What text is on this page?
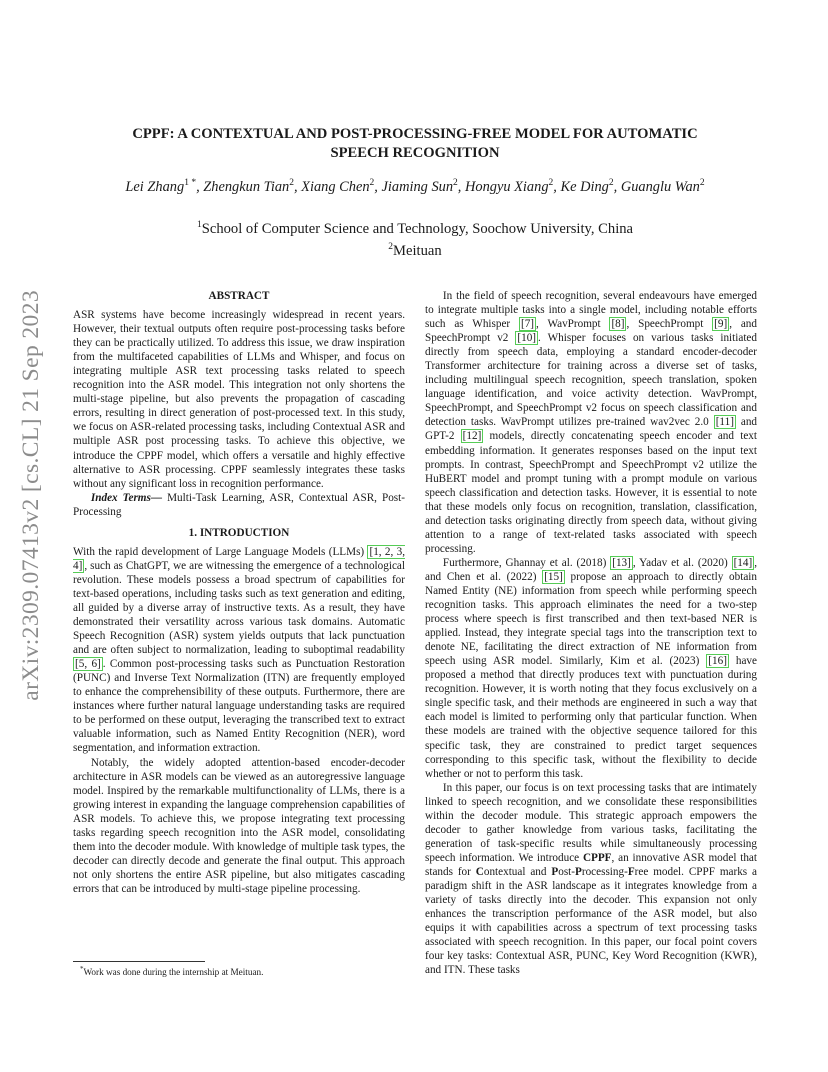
arXiv:2309.07413v2 [cs.CL] 21 Sep 2023
CPPF: A CONTEXTUAL AND POST-PROCESSING-FREE MODEL FOR AUTOMATIC
SPEECH RECOGNITION
Lei Zhang$^{1 *}$, Zhengkun Tian$^2$, Xiang Chen$^2$, Jiaming Sun$^2$, Hongyu Xiang$^2$, Ke Ding$^2$, Guanglu Wan$^2$
$^1$School of Computer Science and Technology, Soochow University, China
$^2$Meituan
ABSTRACT

ASR systems have become increasingly widespread in recent years. However, their textual outputs often require post-processing tasks before they can be practically utilized. To address this issue, we draw inspiration from the multifaceted capabilities of LLMs and Whisper, and focus on integrating multiple ASR text processing tasks related to speech recognition into the ASR model. This integration not only shortens the multi-stage pipeline, but also prevents the propagation of cascading errors, resulting in direct generation of post-processed text. In this study, we focus on ASR-related processing tasks, including Contextual ASR and multiple ASR post processing tasks. To achieve this objective, we introduce the CPPF model, which offers a versatile and highly effective alternative to ASR processing. CPPF seamlessly integrates these tasks without any significant loss in recognition performance.

Index Terms— Multi-Task Learning, ASR, Contextual ASR, Post-Processing

1. INTRODUCTION

With the rapid development of Large Language Models (LLMs) [1, 2, 3, 4] , such as ChatGPT, we are witnessing the emergence of a technological revolution. These models possess a broad spectrum of capabilities for text-based operations, including tasks such as text generation and editing, all guided by a diverse array of instructive texts. As a result, they have demonstrated their versatility across various task domains. Automatic Speech Recognition (ASR) system yields outputs that lack punctuation and are often subject to normalization, leading to suboptimal readability [5, 6] . Common post-processing tasks such as Punctuation Restoration (PUNC) and Inverse Text Normalization (ITN) are frequently employed to enhance the comprehensibility of these outputs. Furthermore, there are instances where further natural language understanding tasks are required to be performed on these output, leveraging the transcribed text to extract valuable information, such as Named Entity Recognition (NER), word segmentation, and information extraction.

Notably, the widely adopted attention-based encoder-decoder architecture in ASR models can be viewed as an autoregressive language model. Inspired by the remarkable multifunctionality of LLMs, there is a growing interest in expanding the language comprehension capabilities of ASR models. To achieve this, we propose integrating text processing tasks regarding speech recognition into the ASR model, consolidating them into the decoder module. With knowledge of multiple task types, the decoder can directly decode and generate the final output. This approach not only shortens the entire ASR pipeline, but also mitigates cascading errors that can be introduced by multi-stage pipeline processing.

In the field of speech recognition, several endeavours have emerged to integrate multiple tasks into a single model, including notable efforts such as Whisper [7] , WavPrompt [8] , SpeechPrompt [9] , and SpeechPrompt v2 [10] . Whisper focuses on various tasks initiated directly from speech data, employing a standard encoder-decoder Transformer architecture for training across a diverse set of tasks, including multilingual speech recognition, speech translation, spoken language identification, and voice activity detection. WavPrompt, SpeechPrompt, and SpeechPrompt v2 focus on speech classification and detection tasks. WavPrompt utilizes pre-trained wav2vec 2.0 [11] and GPT-2 [12] models, directly concatenating speech encoder and text embedding information. It generates responses based on the input text prompts. In contrast, SpeechPrompt and SpeechPrompt v2 utilize the HuBERT model and prompt tuning with a prompt module on various speech classification and detection tasks. However, it is essential to note that these models only focus on recognition, translation, classification, and detection tasks originating directly from speech data, without giving attention to a range of text-related tasks associated with speech processing.

Furthermore, Ghannay et al. (2018) [13] , Yadav et al. (2020) [14] , and Chen et al. (2022) [15] propose an approach to directly obtain Named Entity (NE) information from speech while performing speech recognition tasks. This approach eliminates the need for a two-step process where speech is first transcribed and then text-based NER is applied. Instead, they integrate special tags into the transcription text to denote NE, facilitating the direct extraction of NE information from speech using ASR model. Similarly, Kim et al. (2023) [16] have proposed a method that directly produces text with punctuation during recognition. However, it is worth noting that they focus exclusively on a single specific task, and their methods are engineered in such a way that each model is limited to performing only that particular function. When these models are trained with the objective sequence tailored for this specific task, they are constrained to predict target sequences corresponding to this specific task, without the flexibility to decide whether or not to perform this task.

In this paper, our focus is on text processing tasks that are intimately linked to speech recognition, and we consolidate these responsibilities within the decoder module. This strategic approach empowers the decoder to gather knowledge from various tasks, facilitating the generation of task-specific results while simultaneously processing speech information. We introduce CPPF, an innovative ASR model that stands for Contextual and Post-Processing-Free model. CPPF marks a paradigm shift in the ASR landscape as it integrates knowledge from a variety of tasks directly into the decoder. This expansion not only enhances the transcription performance of the ASR model, but also equips it with capabilities across a spectrum of text processing tasks associated with speech recognition. In this paper, our focal point covers four key tasks: Contextual ASR, PUNC, Key Word Recognition (KWR), and ITN. These tasks

*Work was done during the internship at Meituan.
